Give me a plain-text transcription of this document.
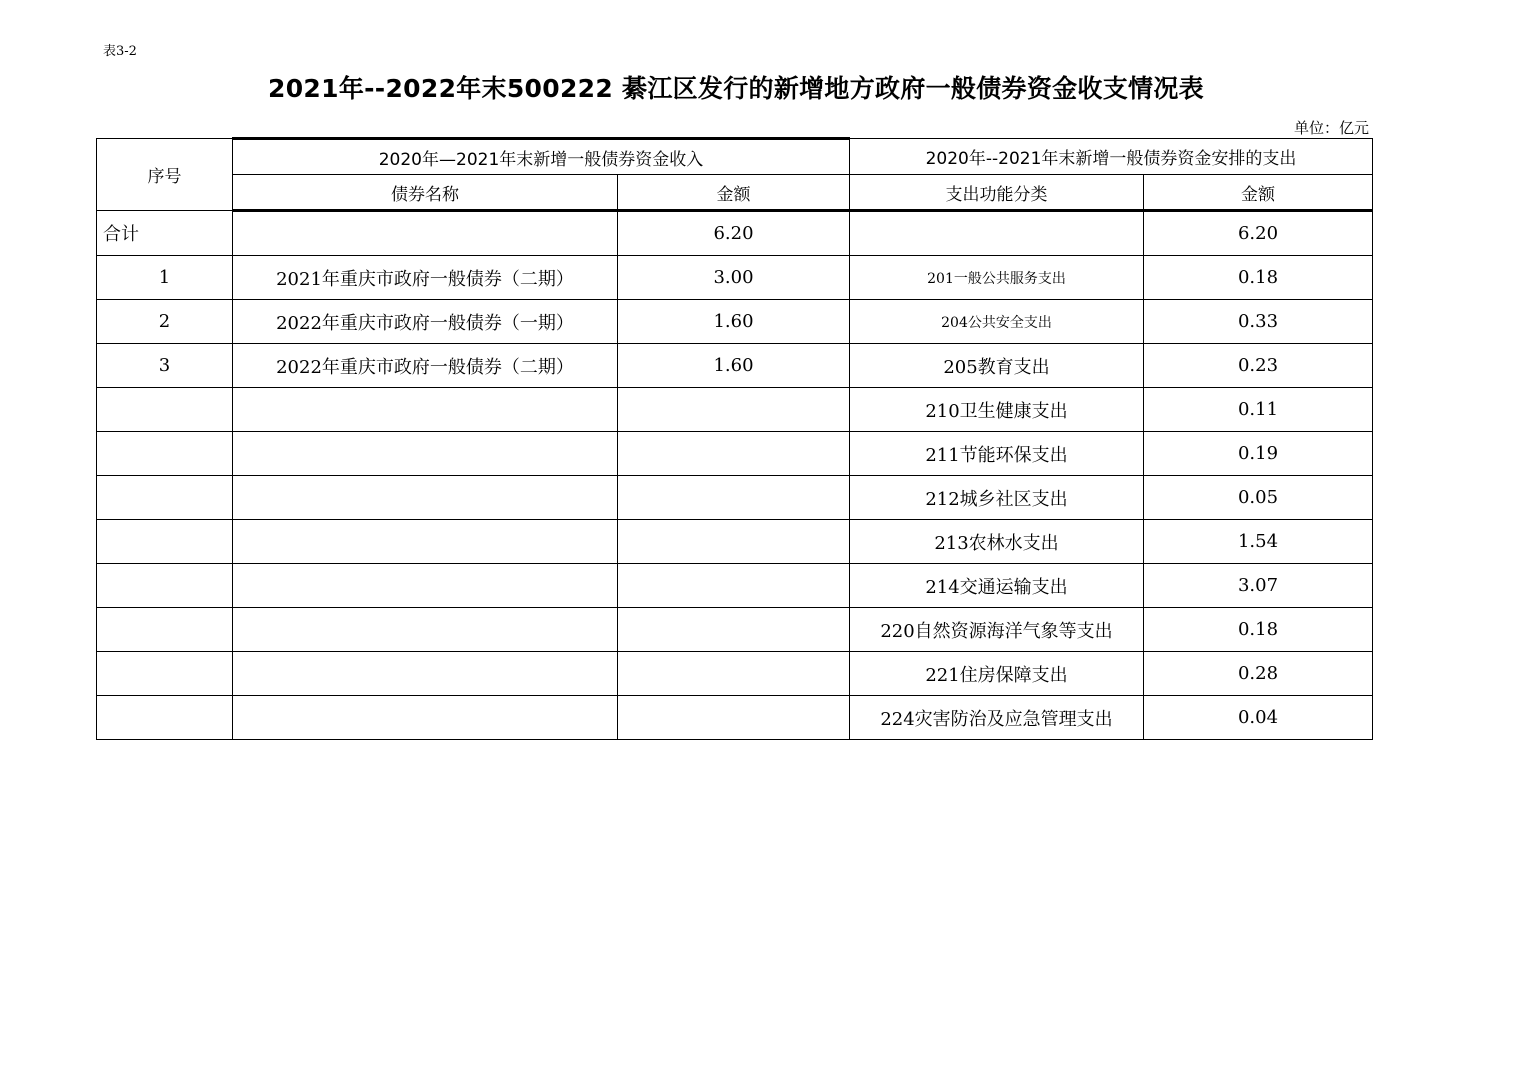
表3-2
2021年--2022年末500222 綦江区发行的新增地方政府一般债券资金收支情况表
单位：亿元
序号	2020年—2021年末新增一般债券资金收入		2020年--2021年末新增一般债券资金安排的支出	
	债券名称	金额	支出功能分类	金额
合计		6.20		6.20
1	2021年重庆市政府一般债券（二期）	3.00	201一般公共服务支出	0.18
2	2022年重庆市政府一般债券（一期）	1.60	204公共安全支出	0.33
3	2022年重庆市政府一般债券（二期）	1.60	205教育支出	0.23
			210卫生健康支出	0.11
			211节能环保支出	0.19
			212城乡社区支出	0.05
			213农林水支出	1.54
			214交通运输支出	3.07
			220自然资源海洋气象等支出	0.18
			221住房保障支出	0.28
			224灾害防治及应急管理支出	0.04
